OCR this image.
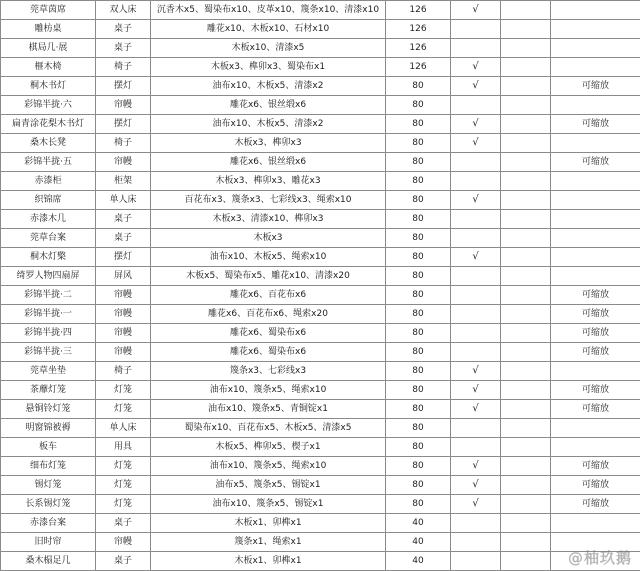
莞草茵席	双人床	沉香木x5、蜀染布x10、皮革x10、篾条x10、清漆x10	126	√		
雕枋桌	桌子	雕花x10、木板x10、石材x10	126			
棋局几·展	桌子	木板x10、清漆x5	126			
榧木椅	椅子	木板x3、榫卯x3、蜀染布x1	126	√		
桐木书灯	摆灯	油布x10、木板x5、清漆x2	80	√		可缩放
彩锦半拢·六	帘幔	雕花x6、银丝缎x6	80			
扁青涂花梨木书灯	摆灯	油布x10、木板x5、清漆x2	80	√		可缩放
桑木长凳	椅子	木板x3、榫卯x3	80	√		
彩锦半拢·五	帘幔	雕花x6、银丝缎x6	80			可缩放
赤漆柜	柜架	木板x3、榫卯x3、雕花x3	80			
织锦席	单人床	百花布x3、篾条x3、七彩线x3、绳索x10	80	√		
赤漆木几	桌子	木板x3、清漆x10、榫卯x3	80			
莞草台案	桌子	木板x3	80			
桐木灯檠	摆灯	油布x10、木板x5、绳索x10	80	√		
绮罗人物四扇屏	屏风	木板x5、蜀染布x5、雕花x10、清漆x20	80			
彩锦半拢·二	帘幔	雕花x6、百花布x6	80			可缩放
彩锦半拢·一	帘幔	雕花x6、百花布x6、绳索x20	80			可缩放
彩锦半拢·四	帘幔	雕花x6、蜀染布x6	80			可缩放
彩锦半拢·三	帘幔	雕花x6、蜀染布x6	80			可缩放
莞草坐垫	椅子	篾条x3、七彩线x3	80	√		
茶蘼灯笼	灯笼	油布x10、篾条x5、绳索x10	80	√		可缩放
悬铜铃灯笼	灯笼	油布x10、篾条x5、青铜锭x1	80	√		可缩放
明窗锦被褥	单人床	蜀染布x10、百花布x5、木板x5、清漆x5	80			
板车	用具	木板x5、榫卯x5、楔子x1	80			
细布灯笼	灯笼	油布x10、篾条x5、绳索x10	80	√		可缩放
锡灯笼	灯笼	油布x5、篾条x5、锡锭x1	80	√		可缩放
长系锡灯笼	灯笼	油布x10、篾条x5、锡锭x1	80	√		可缩放
赤漆台案	桌子	木板x1、卯榫x1	40			
旧时帘	帘幔	篾条x1、绳索x1	40			
桑木榻足几	桌子	木板x1、卯榫x1	40				@柚玖鹅
